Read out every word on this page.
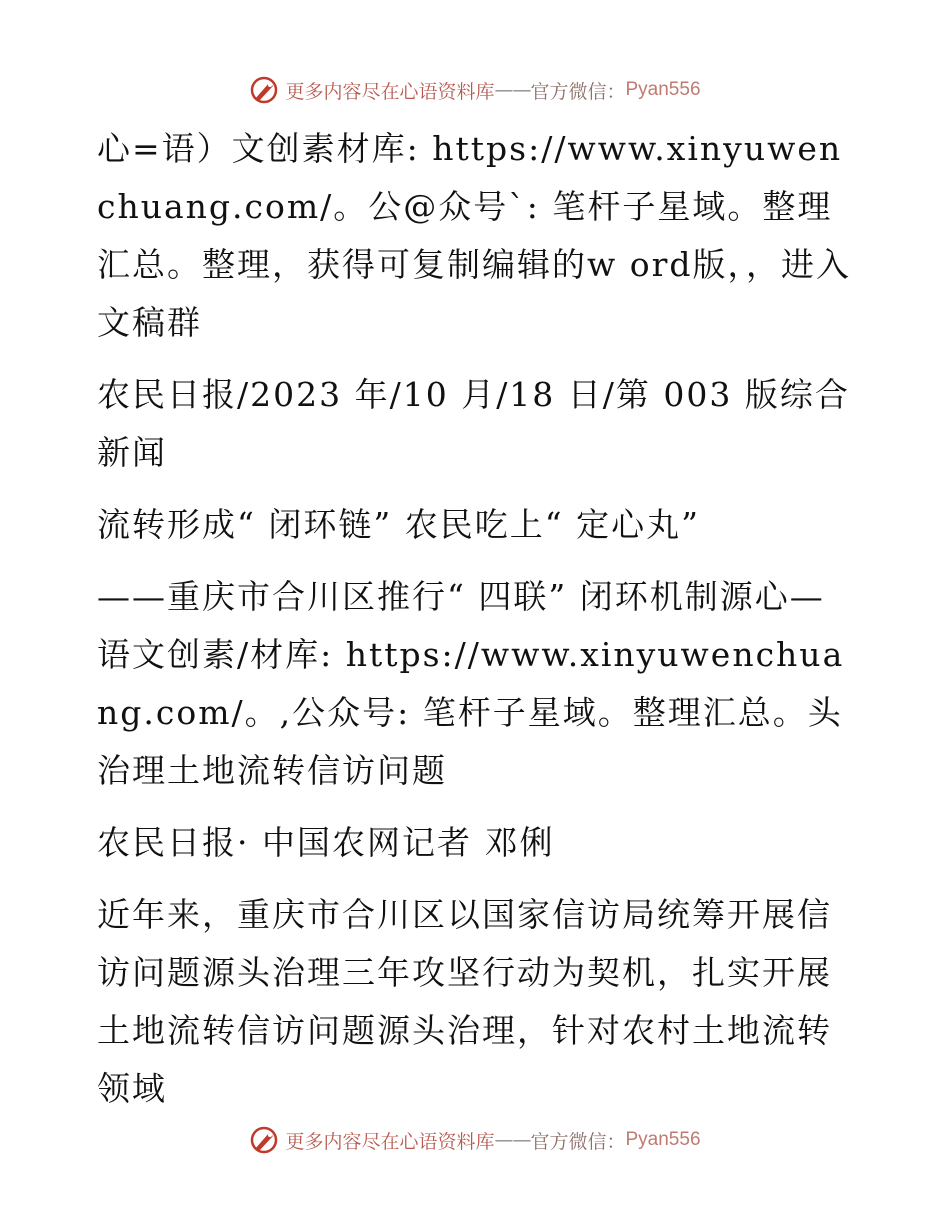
更多内容尽在心语资料库 —— 官方微信： Pyan556

心=语）文创素材库: https://www.xinyuwenchuang.com/。公@众号`: 笔杆子星域。整理汇总。整理，获得可复制编辑的w ord版，，进入文稿群

农民日报/2023 年/10 月/18 日/第 003 版综合新闻

流转形成“ 闭环链” 农民吃上“ 定心丸”

——重庆市合川区推行“ 四联” 闭环机制源心—语文创素/材库: https://www.xinyuwenchuang.com/。,公众号: 笔杆子星域。整理汇总。头治理土地流转信访问题

农民日报· 中国农网记者 邓俐

近年来，重庆市合川区以国家信访局统筹开展信访问题源头治理三年攻坚行动为契机，扎实开展土地流转信访问题源头治理，针对农村土地流转领域

更多内容尽在心语资料库 —— 官方微信： Pyan556
